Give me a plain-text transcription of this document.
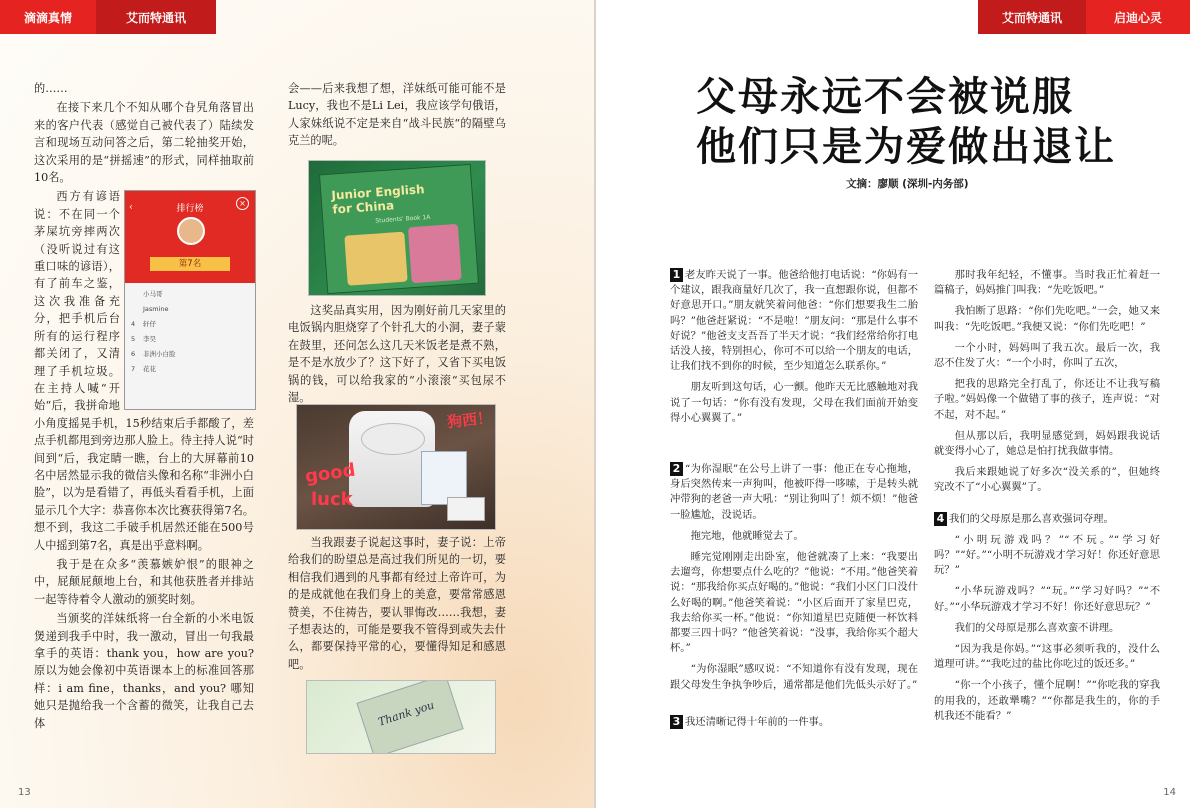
滴滴真情	艾而特通讯

的……

在接下来几个不知从哪个旮旯角落冒出来的客户代表（感觉自己被代表了）陆续发言和现场互动问答之后，第二轮抽奖开始，这次采用的是“拼摇速”的形式，同样抽取前10名。

排行榜
‹	×
第7名
小马哥
Jasmine
4 轩仔
5 李昊
6 非洲小白脸
7 花花

西方有谚语说：不在同一个茅屎坑旁摔两次（没听说过有这重口味的谚语），有了前车之鉴，这次我准备充分，把手机后台所有的运行程序都关闭了，又清理了手机垃圾。在主持人喊“开始“后，我拼命地小角度摇晃手机，15秒结束后手都酸了，差点手机都甩到旁边那人脸上。待主持人说“时间到“后，我定睛一瞧，台上的大屏幕前10名中居然显示我的微信头像和名称“非洲小白脸”，以为是看错了，再低头看看手机，上面显示几个大字：恭喜你本次比赛获得第7名。想不到，我这二手破手机居然还能在500号人中摇到第7名，真是出乎意料啊。

我于是在众多“羡慕嫉妒恨”的眼神之中，屁颠屁颠地上台，和其他获胜者并排站一起等待着令人激动的颁奖时刻。

当颁奖的洋妹纸将一台全新的小米电饭煲递到我手中时，我一激动，冒出一句我最拿手的英语：thank you，how are you? 原以为她会像初中英语课本上的标准回答那样：i am fine，thanks，and you? 哪知她只是抛给我一个含蓄的微笑，让我自己去体

会——后来我想了想，洋妹纸可能可能不是Lucy，我也不是Li Lei，我应该学句俄语，人家妹纸说不定是来自“战斗民族“的隔壁乌克兰的呢。

Junior English
for China
Students' Book 1A

这奖品真实用，因为刚好前几天家里的电饭锅内胆烧穿了个针孔大的小洞，妻子蒙在鼓里，还问怎么这几天米饭老是煮不熟，是不是水放少了？这下好了，又省下买电饭锅的钱，可以给我家的“小滚滚“买包尿不湿。

good
luck
狗西！

当我跟妻子说起这事时，妻子说：上帝给我们的盼望总是高过我们所见的一切，要相信我们遇到的凡事都有经过上帝许可，为的是成就他在我们身上的美意，要常常感恩赞美，不住祷告，要认罪悔改……我想，妻子想表达的，可能是要我不管得到或失去什么，都要保持平常的心，要懂得知足和感恩吧。

Thank you
13
艾而特通讯	启迪心灵
父母永远不会被说服
他们只是为爱做出退让
文摘：廖顺 (深圳-内务部)

1 老友昨天说了一事。他爸给他打电话说：“你妈有一个建议，跟我商量好几次了，我一直想跟你说，但都不好意思开口。”朋友就笑着问他爸：“你们想要我生二胎吗？”他爸赶紧说：“不是啦！”朋友问：“那是什么事不好说？”他爸支支吾吾了半天才说：“我们经常给你打电话没人接，特别担心，你可不可以给一个朋友的电话，让我们找不到你的时候，至少知道怎么联系你。”

朋友听到这句话，心一颤。他昨天无比感触地对我说了一句话：“你有没有发现，父母在我们面前开始变得小心翼翼了。”

2 “为你湿眠”在公号上讲了一事：他正在专心拖地，身后突然传来一声狗叫，他被吓得一哆嗦，于是转头就冲带狗的老爸一声大吼：“别让狗叫了！烦不烦！”他爸一脸尴尬，没说话。

拖完地，他就睡觉去了。

睡完觉刚刚走出卧室，他爸就凑了上来：“我要出去遛弯，你想要点什么吃的？”他说：“不用。”他爸笑着说：“那我给你买点好喝的。”他说：“我们小区门口没什么好喝的啊。”他爸笑着说：“小区后面开了家星巴克，我去给你买一杯。”他说：“你知道星巴克随便一杯饮料都要三四十吗？”他爸笑着说：“没事，我给你买个超大杯。”

“为你湿眠”感叹说：“不知道你有没有发现，现在跟父母发生争执争吵后，通常都是他们先低头示好了。”

3 我还清晰记得十年前的一件事。

那时我年纪轻，不懂事。当时我正忙着赶一篇稿子，妈妈推门叫我：“先吃饭吧。”

我怕断了思路：“你们先吃吧。”一会，她又来叫我：“先吃饭吧。”我便又说：“你们先吃吧！”

一个小时，妈妈叫了我五次。最后一次，我忍不住发了火：“一个小时，你叫了五次，

把我的思路完全打乱了，你还让不让我写稿子啦。”妈妈像一个做错了事的孩子，连声说：“对不起，对不起。”

但从那以后，我明显感觉到，妈妈跟我说话就变得小心了，她总是怕打扰我做事情。

我后来跟她说了好多次“没关系的”，但她终究改不了“小心翼翼”了。

4 我们的父母原是那么喜欢强词夺理。

“小明玩游戏吗？”“不玩。”“学习好吗？”“好。”“小明不玩游戏才学习好！你还好意思玩？”

“小华玩游戏吗？”“玩。”“学习好吗？”“不好。”“小华玩游戏才学习不好！你还好意思玩？”

我们的父母原是那么喜欢蛮不讲理。

“因为我是你妈。”“这事必须听我的，没什么道理可讲。”“我吃过的盐比你吃过的饭还多。”

“你一个小孩子，懂个屁啊！”“你吃我的穿我的用我的，还敢犟嘴？”“你都是我生的，你的手机我还不能看？”

14
